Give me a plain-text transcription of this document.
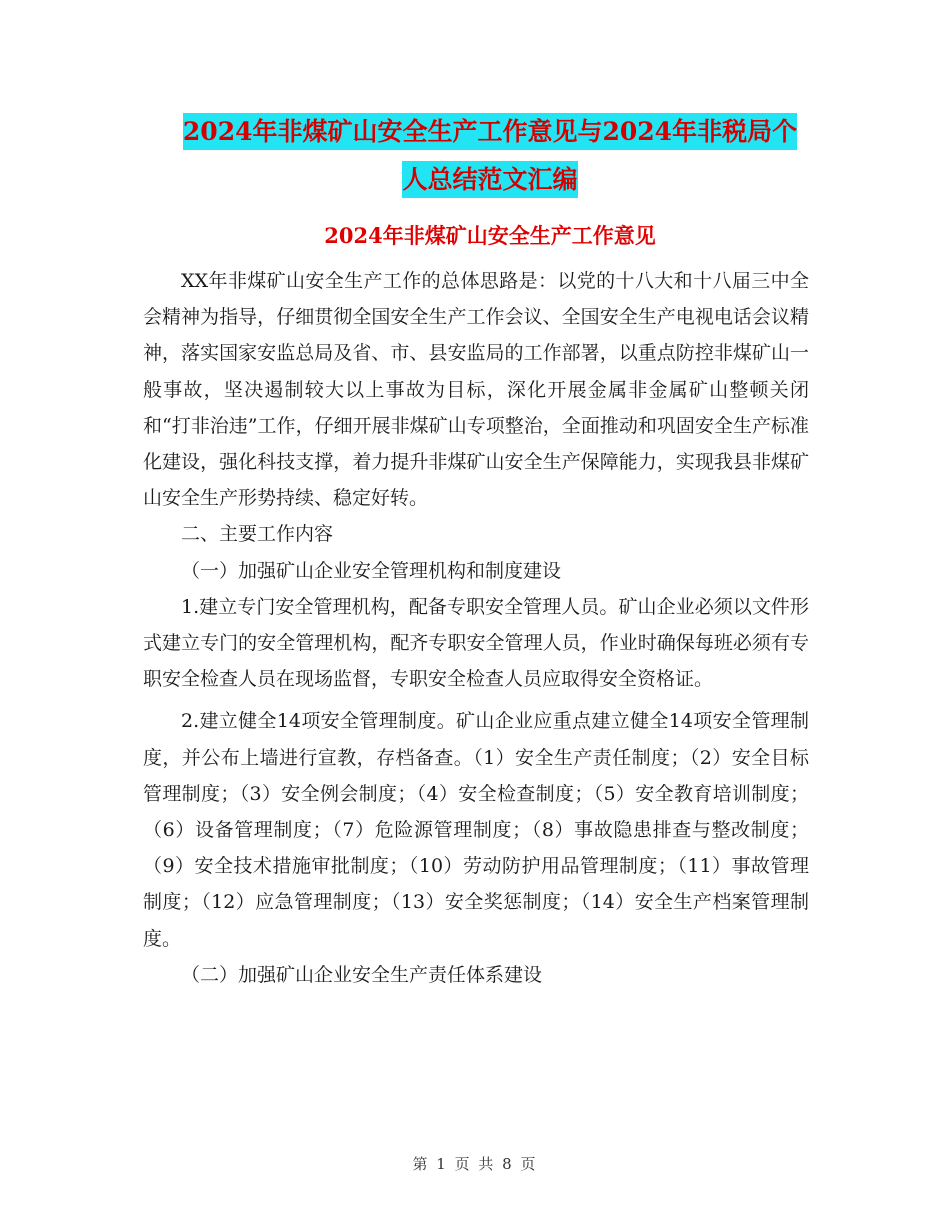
2024年非煤矿山安全生产工作意见与2024年非税局个
人总结范文汇编
2024年非煤矿山安全生产工作意见

XX年非煤矿山安全生产工作的总体思路是：以党的十八大和十八届三中全会精神为指导，仔细贯彻全国安全生产工作会议、全国安全生产电视电话会议精神，落实国家安监总局及省、市、县安监局的工作部署，以重点防控非煤矿山一般事故，坚决遏制较大以上事故为目标，深化开展金属非金属矿山整顿关闭和“打非治违”工作，仔细开展非煤矿山专项整治，全面推动和巩固安全生产标准化建设，强化科技支撑，着力提升非煤矿山安全生产保障能力，实现我县非煤矿山安全生产形势持续、稳定好转。

二、主要工作内容

（一）加强矿山企业安全管理机构和制度建设

1.建立专门安全管理机构，配备专职安全管理人员。矿山企业必须以文件形式建立专门的安全管理机构，配齐专职安全管理人员，作业时确保每班必须有专职安全检查人员在现场监督，专职安全检查人员应取得安全资格证。

2.建立健全14项安全管理制度。矿山企业应重点建立健全14项安全管理制度，并公布上墙进行宣教，存档备查。（1）安全生产责任制度；（2）安全目标管理制度；（3）安全例会制度；（4）安全检查制度；（5）安全教育培训制度；（6）设备管理制度；（7）危险源管理制度；（8）事故隐患排查与整改制度；（9）安全技术措施审批制度；（10）劳动防护用品管理制度；（11）事故管理制度；（12）应急管理制度；（13）安全奖惩制度；（14）安全生产档案管理制度。

（二）加强矿山企业安全生产责任体系建设

第 1 页 共 8 页
